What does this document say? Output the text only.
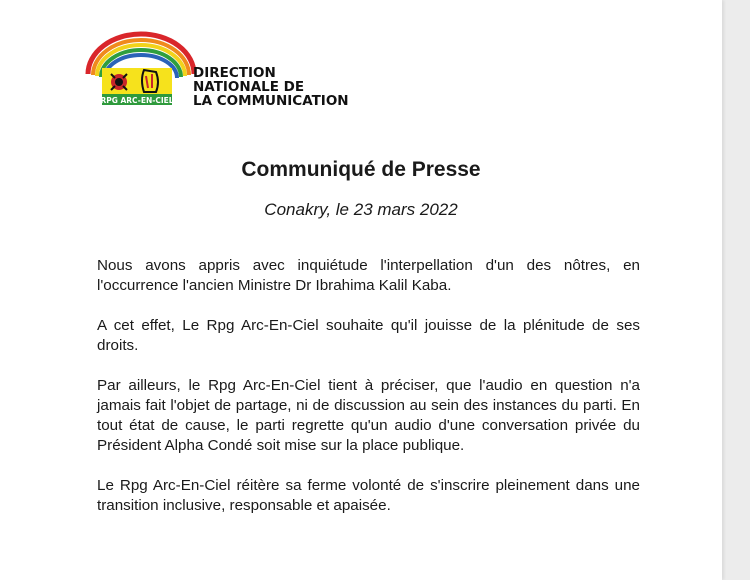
RPG ARC-EN-CIEL
DIRECTION
NATIONALE DE
LA COMMUNICATION
Communiqué de Presse
Conakry, le 23 mars 2022

Nous avons appris avec inquiétude l'interpellation d'un des nôtres, en l'occurrence l'ancien Ministre Dr Ibrahima Kalil Kaba.

A cet effet, Le Rpg Arc-En-Ciel souhaite qu'il jouisse de la plénitude de ses droits.

Par ailleurs, le Rpg Arc-En-Ciel tient à préciser, que l'audio en question n'a jamais fait l'objet de partage, ni de discussion au sein des instances du parti. En tout état de cause, le parti regrette qu'un audio d'une conversation privée du Président Alpha Condé soit mise sur la place publique.

Le Rpg Arc-En-Ciel réitère sa ferme volonté de s'inscrire pleinement dans une transition inclusive, responsable et apaisée.
